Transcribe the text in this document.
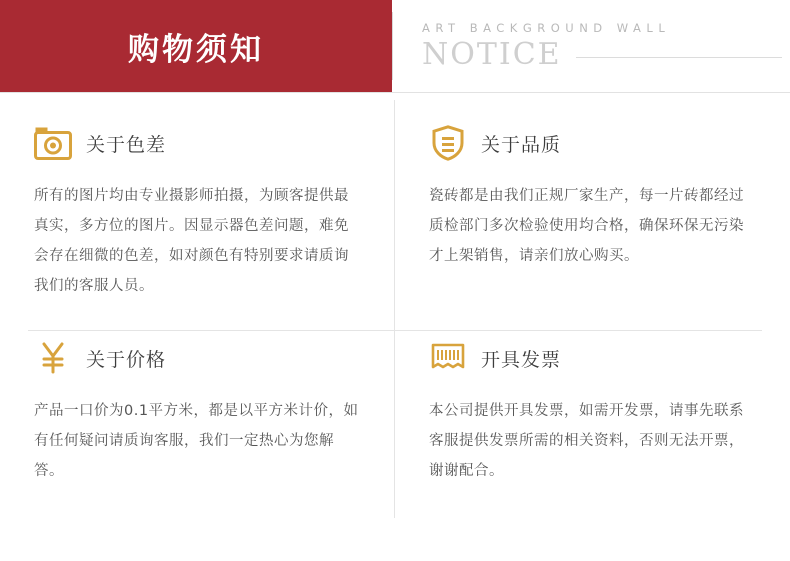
购物须知
ART BACKGROUND WALL
NOTICE
关于色差
所有的图片均由专业摄影师拍摄，为顾客提供最真实，多方位的图片。因显示器色差问题，难免会存在细微的色差，如对颜色有特别要求请质询我们的客服人员。
关于品质
瓷砖都是由我们正规厂家生产，每一片砖都经过质检部门多次检验使用均合格，确保环保无污染才上架销售，请亲们放心购买。
关于价格
产品一口价为0.1平方米，都是以平方米计价，如有任何疑问请质询客服，我们一定热心为您解答。
开具发票
本公司提供开具发票，如需开发票，请事先联系客服提供发票所需的相关资料，否则无法开票，谢谢配合。
